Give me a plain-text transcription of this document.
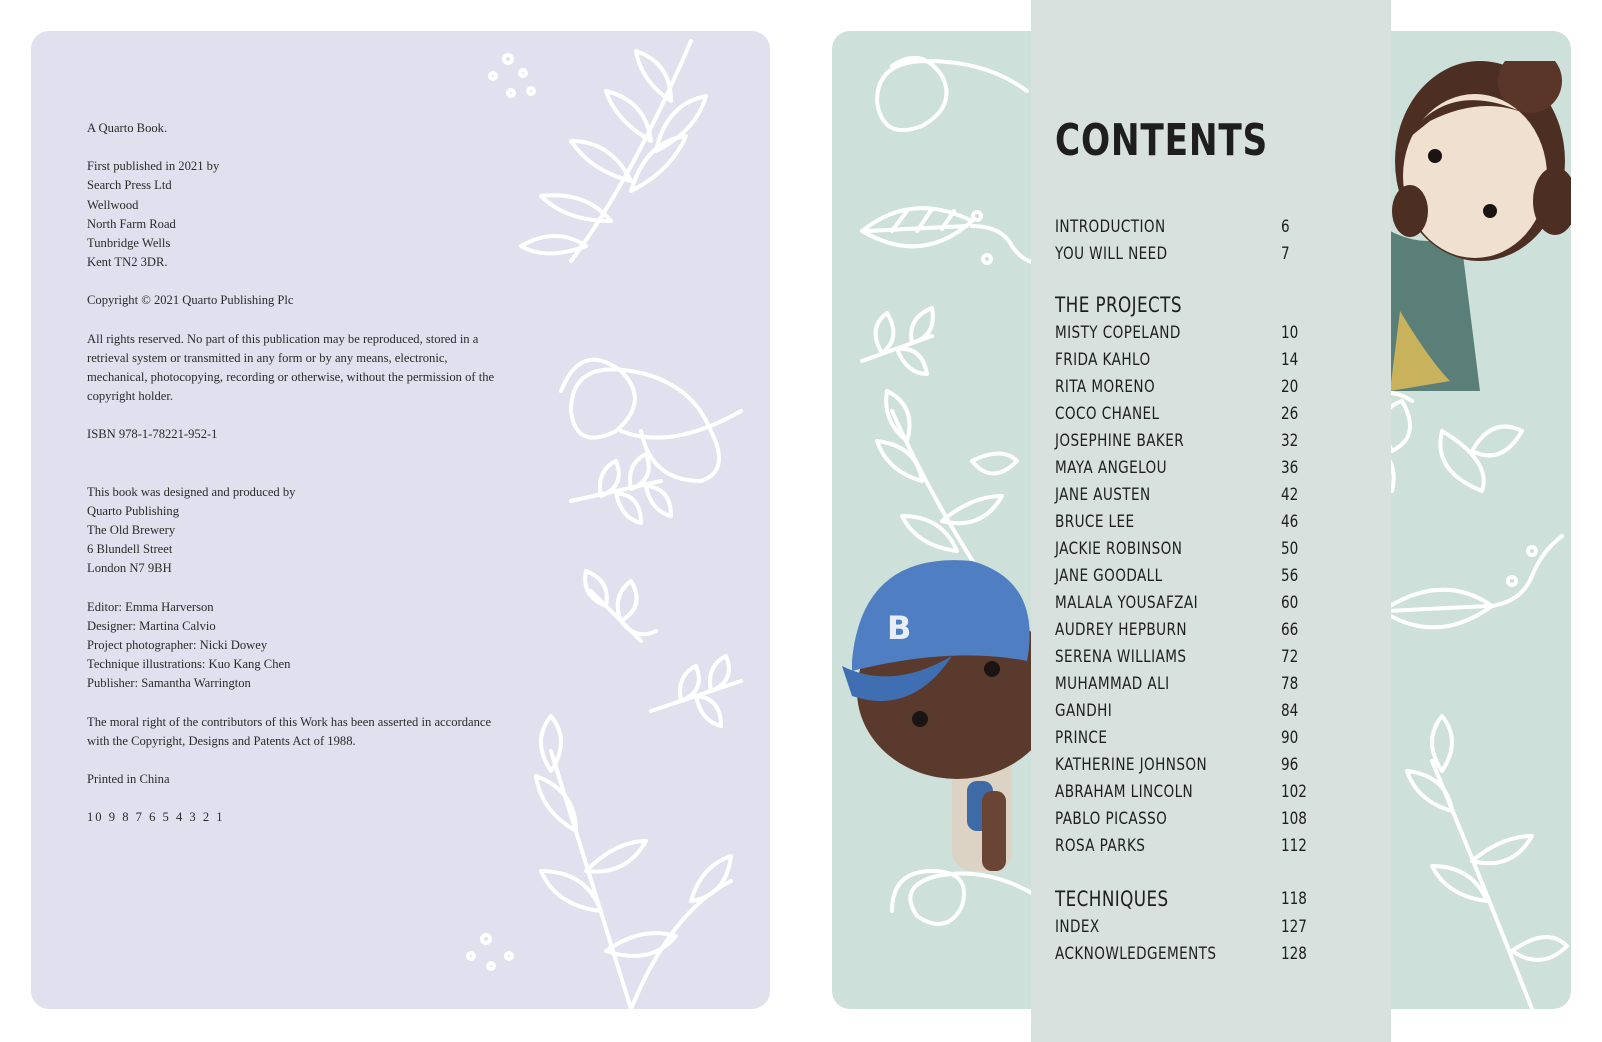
A Quarto Book.
First published in 2021 by
Search Press Ltd
Wellwood
North Farm Road
Tunbridge Wells
Kent TN2 3DR.
Copyright © 2021 Quarto Publishing Plc
All rights reserved. No part of this publication may be reproduced, stored in a retrieval system or transmitted in any form or by any means, electronic, mechanical, photocopying, recording or otherwise, without the permission of the copyright holder.
ISBN 978-1-78221-952-1
This book was designed and produced by
Quarto Publishing
The Old Brewery
6 Blundell Street
London N7 9BH
Editor: Emma Harverson
Designer: Martina Calvio
Project photographer: Nicki Dowey
Technique illustrations: Kuo Kang Chen
Publisher: Samantha Warrington
The moral right of the contributors of this Work has been asserted in accordance with the Copyright, Designs and Patents Act of 1988.
Printed in China
10 9 8 7 6 5 4 3 2 1
B
CONTENTS
INTRODUCTION	6
YOU WILL NEED	7
THE PROJECTS
MISTY COPELAND	10
FRIDA KAHLO	14
RITA MORENO	20
COCO CHANEL	26
JOSEPHINE BAKER	32
MAYA ANGELOU	36
JANE AUSTEN	42
BRUCE LEE	46
JACKIE ROBINSON	50
JANE GOODALL	56
MALALA YOUSAFZAI	60
AUDREY HEPBURN	66
SERENA WILLIAMS	72
MUHAMMAD ALI	78
GANDHI	84
PRINCE	90
KATHERINE JOHNSON	96
ABRAHAM LINCOLN	102
PABLO PICASSO	108
ROSA PARKS	112
TECHNIQUES	118
INDEX	127
ACKNOWLEDGEMENTS	128
